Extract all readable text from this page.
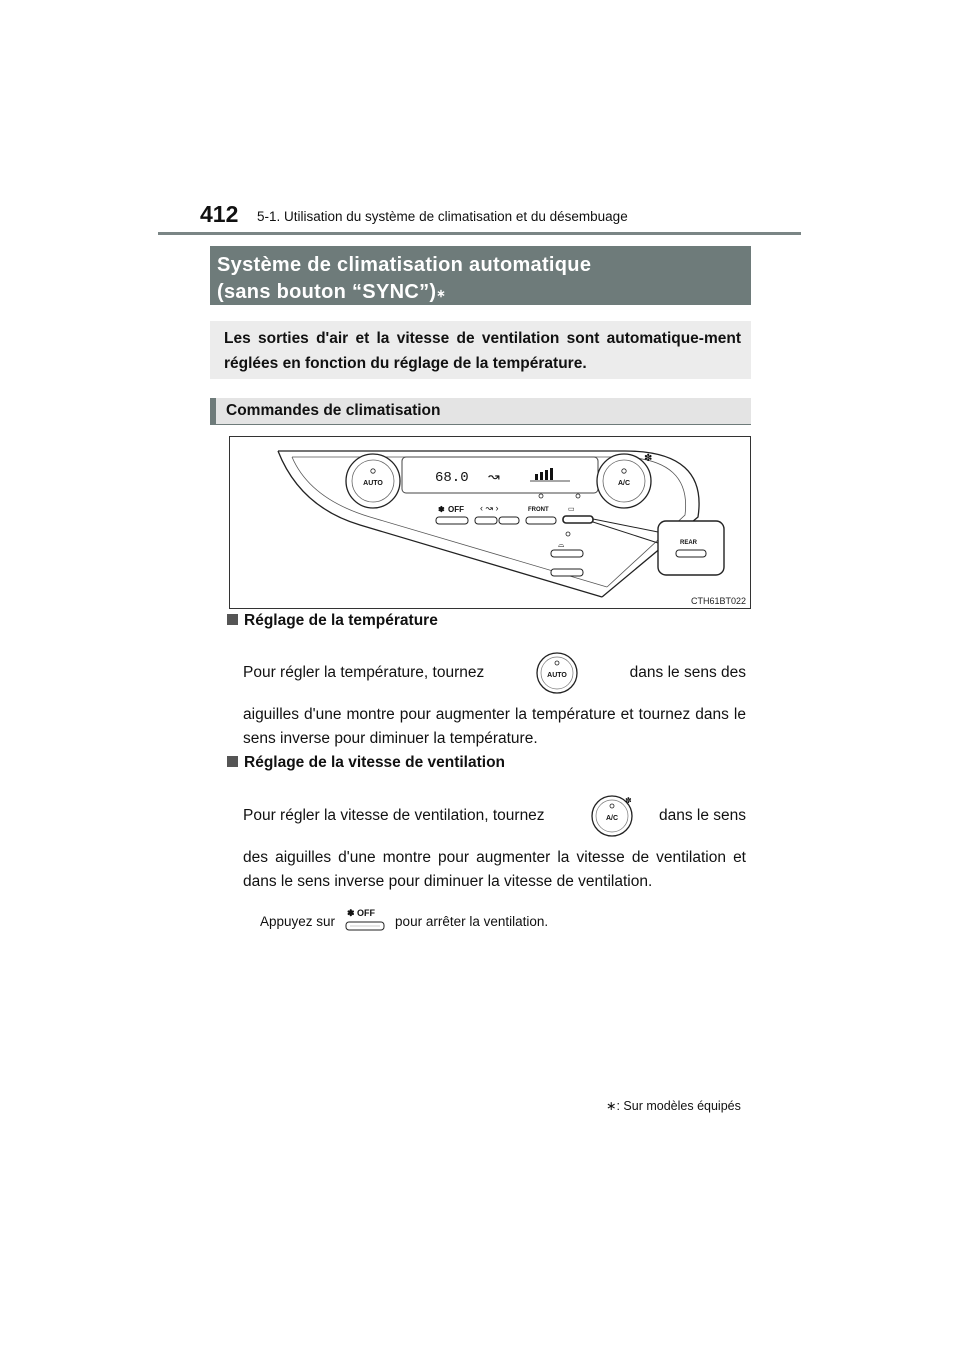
412 5-1. Utilisation du système de climatisation et du désembuage
Système de climatisation automatique
(sans bouton “SYNC”)∗
Les sorties d'air et la vitesse de ventilation sont automatique-ment réglées en fonction du réglage de la température.
Commandes de climatisation
68.0 ↝
AUTO	A/C
✽
✽ OFF ‹ ↝ ›	FRONT	▭
⌓	REAR
CTH61BT022
Réglage de la température
Pour régler la température, tournez	AUTO	dans le sens des
aiguilles d'une montre pour augmenter la température et tournez dans le sens inverse pour diminuer la température.
Réglage de la vitesse de ventilation
Pour régler la vitesse de ventilation, tournez	A/C
✽
dans le sens
des aiguilles d'une montre pour augmenter la vitesse de ventilation et dans le sens inverse pour diminuer la vitesse de ventilation.
Appuyez sur
✽ OFF
pour arrêter la ventilation.
∗: Sur modèles équipés
